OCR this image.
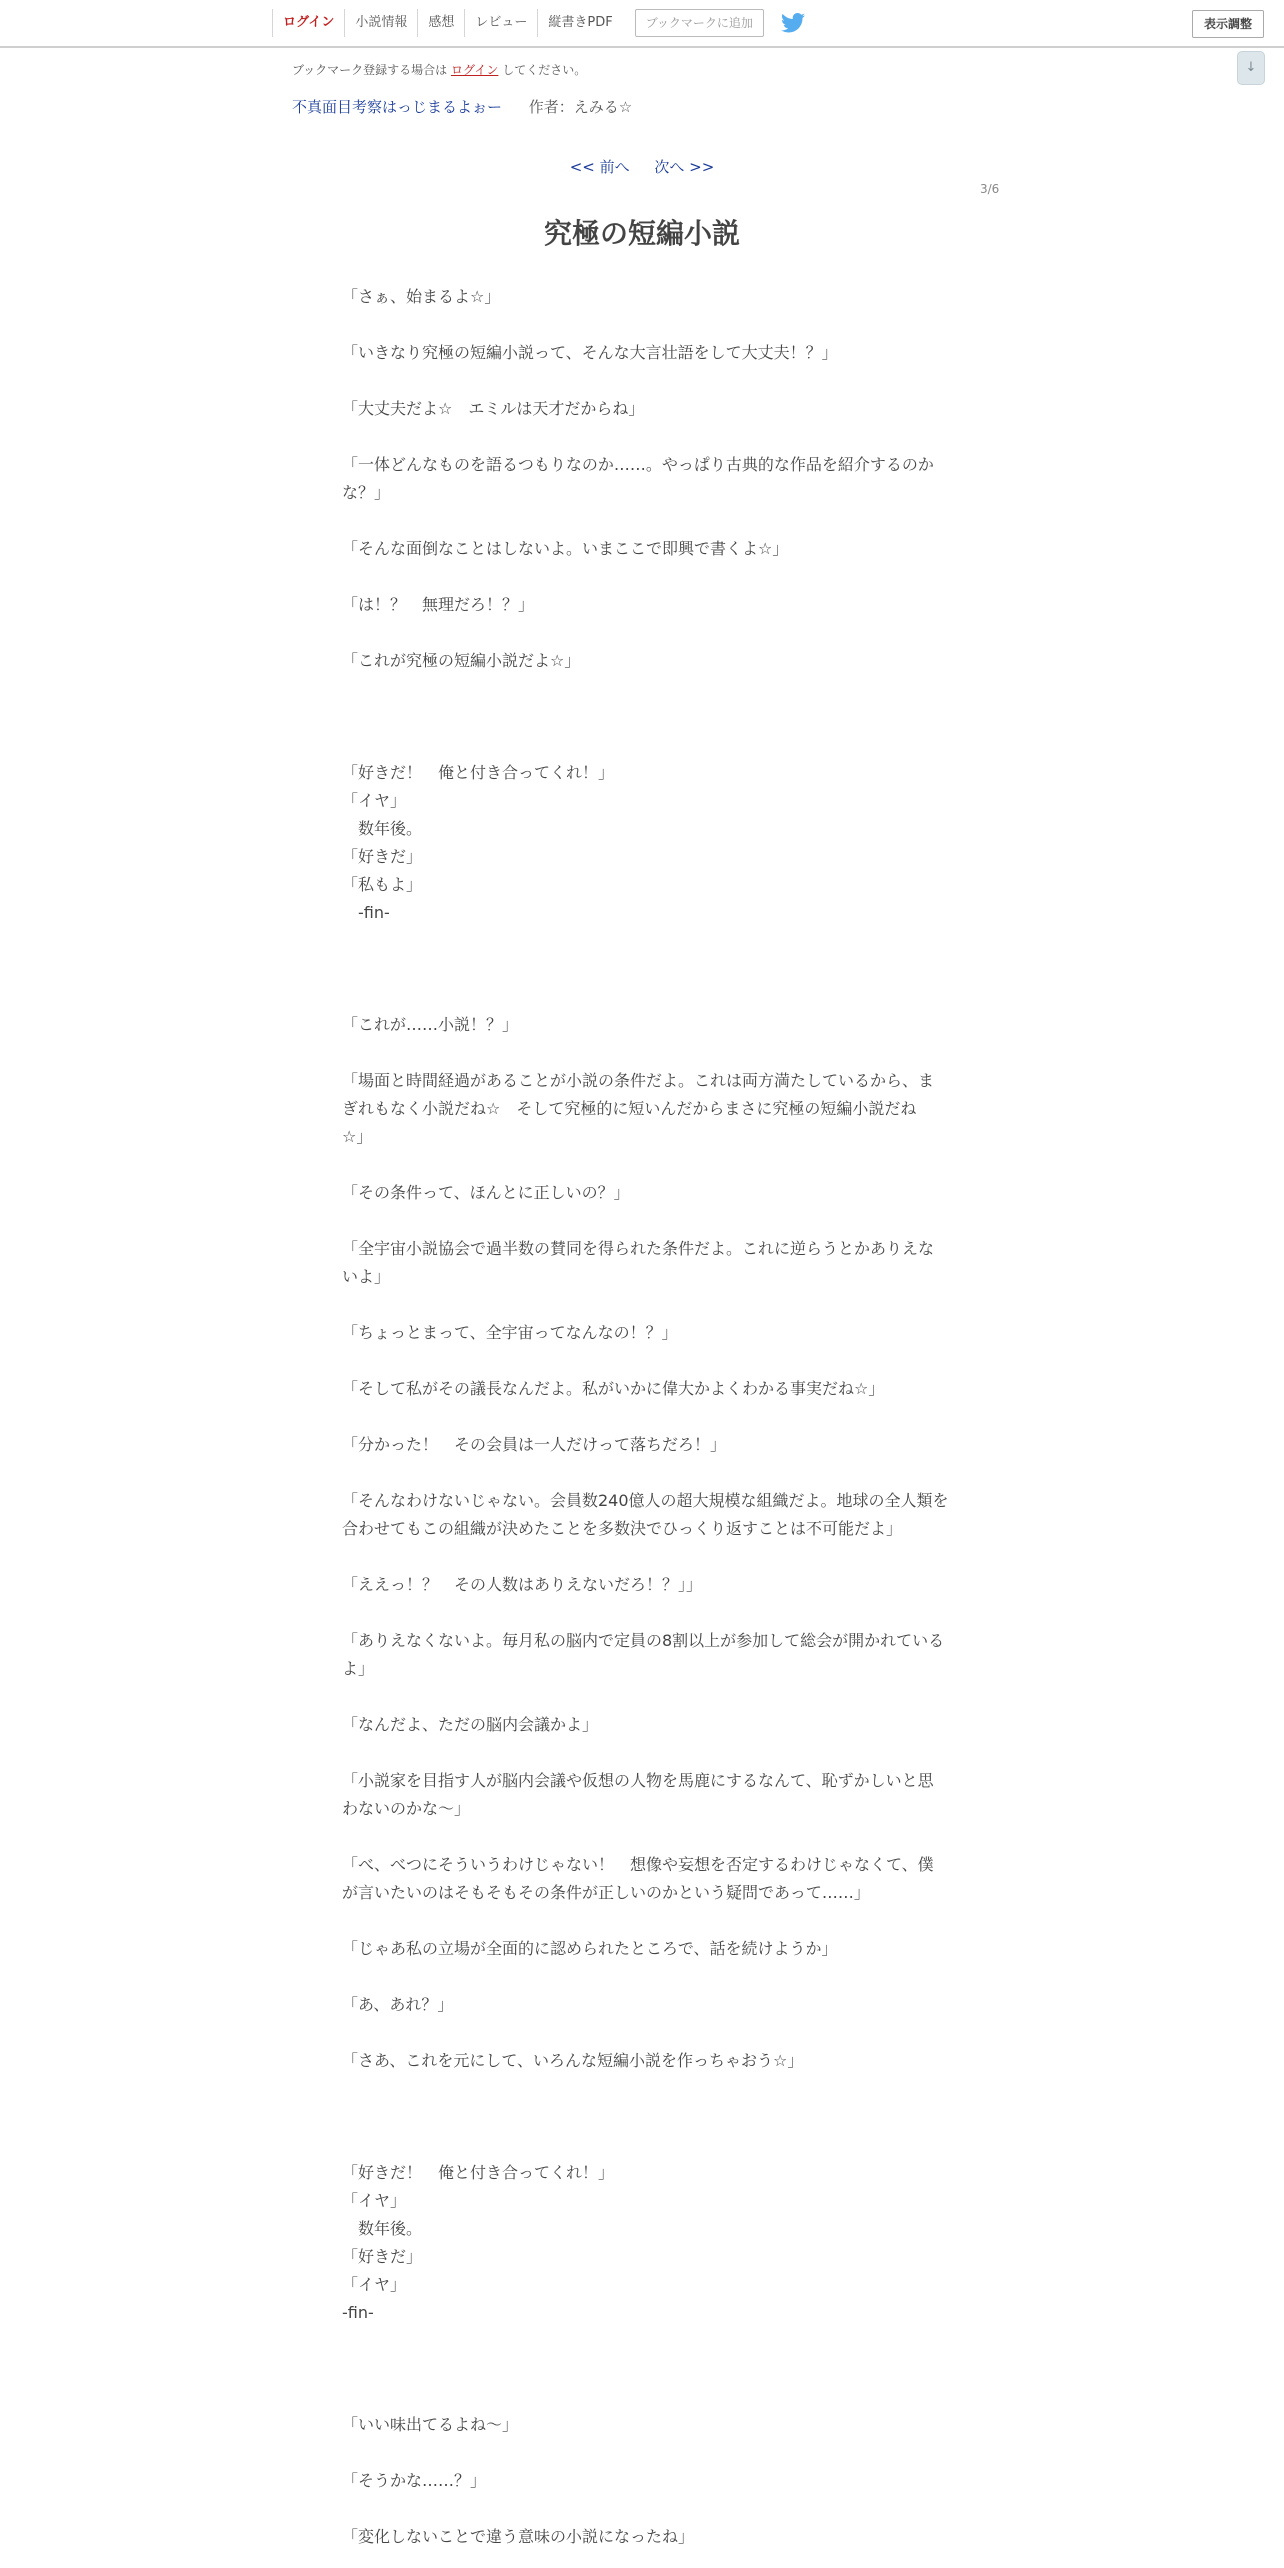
ログイン	小説情報	感想	レビュー	縦書きPDF	ブックマークに追加	表示調整
↓
ブックマーク登録する場合は ログイン してください。
不真面目考察はっじまるよぉー 作者：えみる☆
<< 前へ 次へ >>
3/6
究極の短編小説
「さぁ、始まるよ☆」
「いきなり究極の短編小説って、そんな大言壮語をして大丈夫！？」
「大丈夫だよ☆　エミルは天才だからね」
「一体どんなものを語るつもりなのか……。やっぱり古典的な作品を紹介するのか
な？」
「そんな面倒なことはしないよ。いまここで即興で書くよ☆」
「は！？　無理だろ！？」
「これが究極の短編小説だよ☆」
「好きだ！　俺と付き合ってくれ！」
「イヤ」
　数年後。
「好きだ」
「私もよ」
　-fin-
「これが……小説！？」
「場面と時間経過があることが小説の条件だよ。これは両方満たしているから、ま
ぎれもなく小説だね☆　そして究極的に短いんだからまさに究極の短編小説だね
☆」
「その条件って、ほんとに正しいの？」
「全宇宙小説協会で過半数の賛同を得られた条件だよ。これに逆らうとかありえな
いよ」
「ちょっとまって、全宇宙ってなんなの！？」
「そして私がその議長なんだよ。私がいかに偉大かよくわかる事実だね☆」
「分かった！　その会員は一人だけって落ちだろ！」
「そんなわけないじゃない。会員数240億人の超大規模な組織だよ。地球の全人類を
合わせてもこの組織が決めたことを多数決でひっくり返すことは不可能だよ」
「ええっ！？　その人数はありえないだろ！？」」
「ありえなくないよ。毎月私の脳内で定員の8割以上が参加して総会が開かれている
よ」
「なんだよ、ただの脳内会議かよ」
「小説家を目指す人が脳内会議や仮想の人物を馬鹿にするなんて、恥ずかしいと思
わないのかな～」
「べ、べつにそういうわけじゃない！　想像や妄想を否定するわけじゃなくて、僕
が言いたいのはそもそもその条件が正しいのかという疑問であって……」
「じゃあ私の立場が全面的に認められたところで、話を続けようか」
「あ、あれ？」
「さあ、これを元にして、いろんな短編小説を作っちゃおう☆」
「好きだ！　俺と付き合ってくれ！」
「イヤ」
　数年後。
「好きだ」
「イヤ」
-fin-
「いい味出てるよね～」
「そうかな……？」
「変化しないことで違う意味の小説になったね」
